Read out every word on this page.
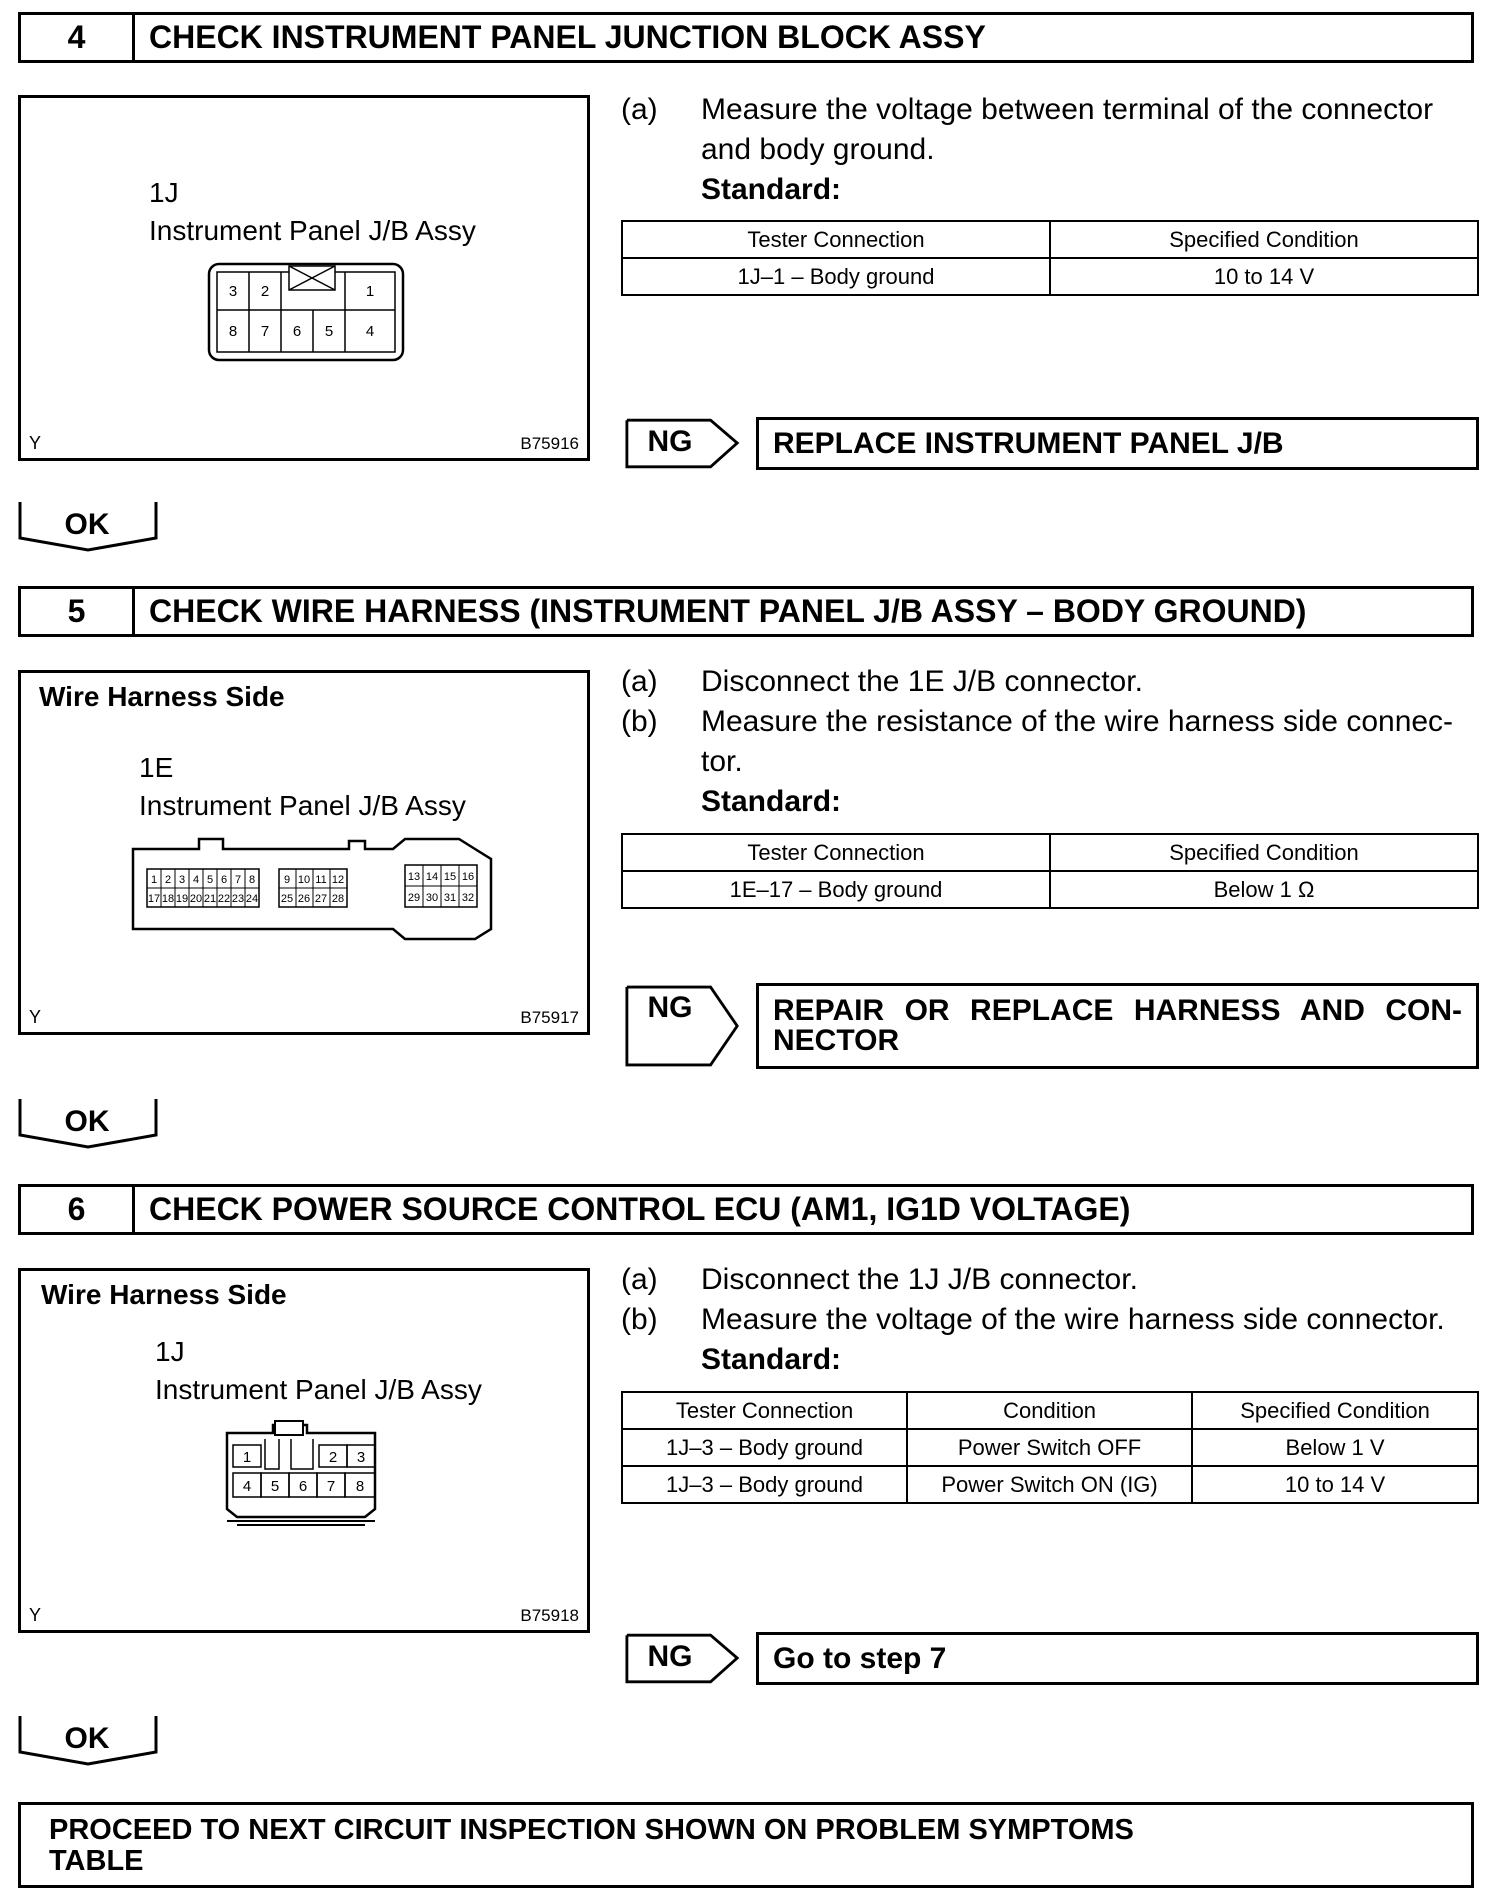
4	CHECK INSTRUMENT PANEL JUNCTION BLOCK ASSY
1J
Instrument Panel J/B Assy
3 2	1
8 7 6 5 4
Y	B75916
(a) Measure the voltage between terminal of the connector and body ground.
Standard:
Tester Connection	Specified Condition
1J–1 – Body ground	10 to 14 V
NG	REPLACE INSTRUMENT PANEL J/B
OK
5	CHECK WIRE HARNESS (INSTRUMENT PANEL J/B ASSY – BODY GROUND)
Wire Harness Side
1E
Instrument Panel J/B Assy
1 2 3 4 5 6 7 8	9 10 11 12	13 14 15 16
17 18 19 20 21 22 23 24 25 26 27 28	29 30 31 32
Y	B75917
(a) Disconnect the 1E J/B connector.
(b) Measure the resistance of the wire harness side connec- tor.
Standard:
Tester Connection	Specified Condition
1E–17 – Body ground	Below 1 Ω
NG	REPAIR OR REPLACE HARNESS AND CON- NECTOR
OK
6	CHECK POWER SOURCE CONTROL ECU (AM1, IG1D VOLTAGE)
Wire Harness Side
1J
Instrument Panel J/B Assy
1	2 3
4 5 6 7 8
Y	B75918
(a) Disconnect the 1J J/B connector.
(b) Measure the voltage of the wire harness side connector.
Standard:
Tester Connection	Condition	Specified Condition
1J–3 – Body ground	Power Switch OFF	Below 1 V
1J–3 – Body ground	Power Switch ON (IG)	10 to 14 V
NG	Go to step 7
OK
PROCEED TO NEXT CIRCUIT INSPECTION SHOWN ON PROBLEM SYMPTOMS TABLE
